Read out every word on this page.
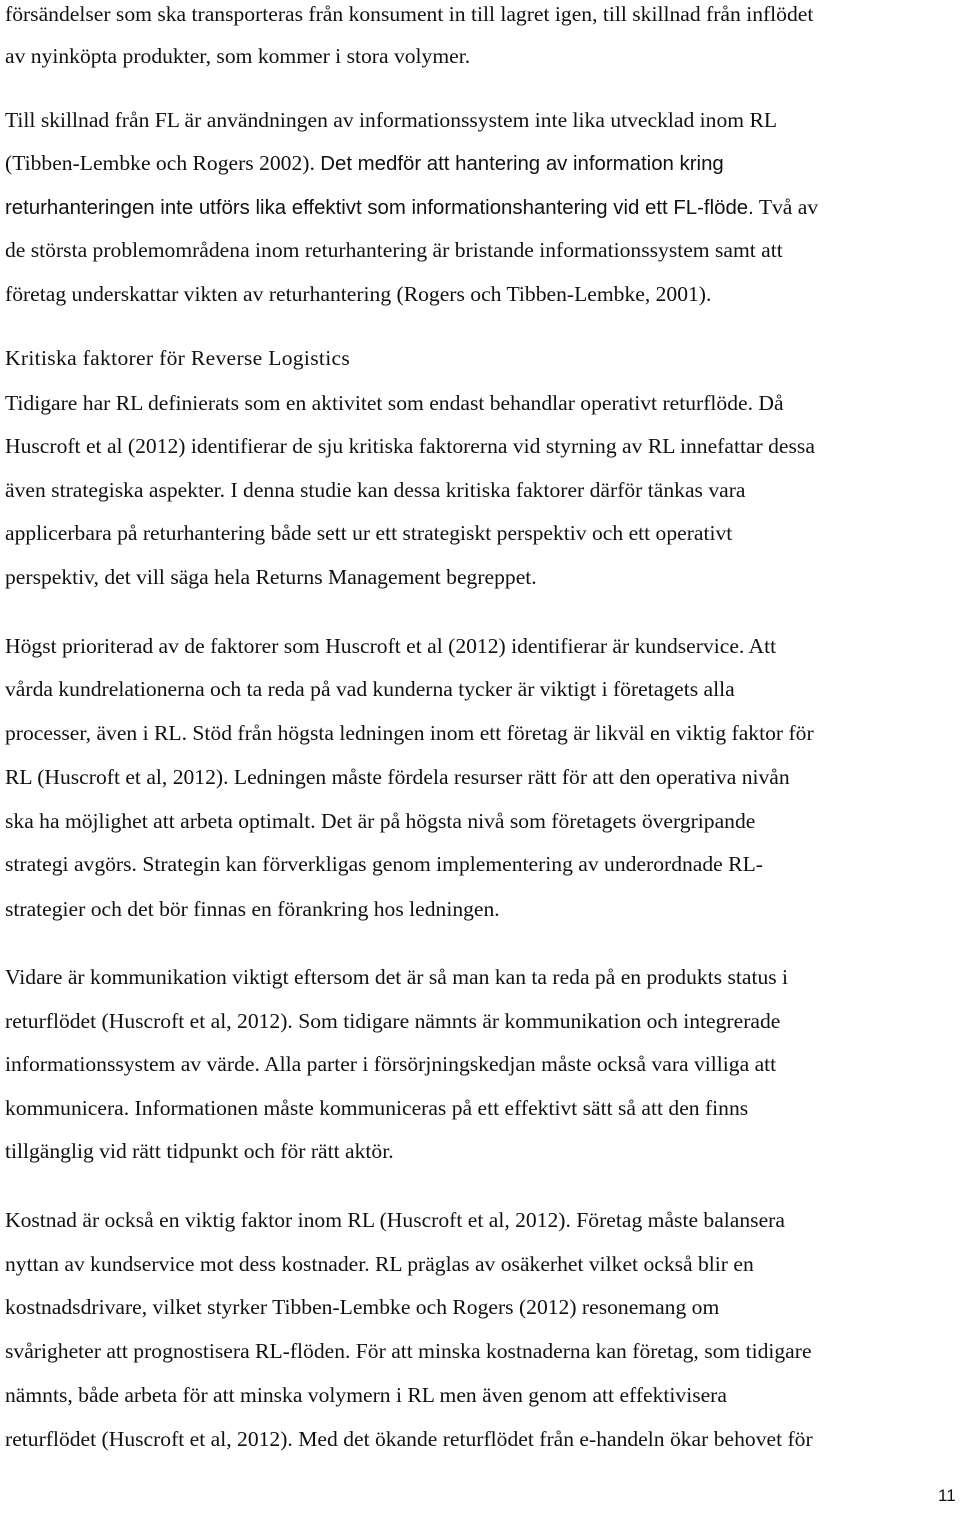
försändelser som ska transporteras från konsument in till lagret igen, till skillnad från inflödet
av nyinköpta produkter, som kommer i stora volymer.
Till skillnad från FL är användningen av informationssystem inte lika utvecklad inom RL
(Tibben-Lembke och Rogers 2002). Det medför att hantering av information kring
returhanteringen inte utförs lika effektivt som informationshantering vid ett FL-flöde. Två av
de största problemområdena inom returhantering är bristande informationssystem samt att
företag underskattar vikten av returhantering (Rogers och Tibben-Lembke, 2001).
Kritiska faktorer för Reverse Logistics
Tidigare har RL definierats som en aktivitet som endast behandlar operativt returflöde. Då
Huscroft et al (2012) identifierar de sju kritiska faktorerna vid styrning av RL innefattar dessa
även strategiska aspekter. I denna studie kan dessa kritiska faktorer därför tänkas vara
applicerbara på returhantering både sett ur ett strategiskt perspektiv och ett operativt
perspektiv, det vill säga hela Returns Management begreppet.
Högst prioriterad av de faktorer som Huscroft et al (2012) identifierar är kundservice. Att
vårda kundrelationerna och ta reda på vad kunderna tycker är viktigt i företagets alla
processer, även i RL. Stöd från högsta ledningen inom ett företag är likväl en viktig faktor för
RL (Huscroft et al, 2012). Ledningen måste fördela resurser rätt för att den operativa nivån
ska ha möjlighet att arbeta optimalt. Det är på högsta nivå som företagets övergripande
strategi avgörs. Strategin kan förverkligas genom implementering av underordnade RL-
strategier och det bör finnas en förankring hos ledningen.
Vidare är kommunikation viktigt eftersom det är så man kan ta reda på en produkts status i
returflödet (Huscroft et al, 2012). Som tidigare nämnts är kommunikation och integrerade
informationssystem av värde. Alla parter i försörjningskedjan måste också vara villiga att
kommunicera. Informationen måste kommuniceras på ett effektivt sätt så att den finns
tillgänglig vid rätt tidpunkt och för rätt aktör.
Kostnad är också en viktig faktor inom RL (Huscroft et al, 2012). Företag måste balansera
nyttan av kundservice mot dess kostnader. RL präglas av osäkerhet vilket också blir en
kostnadsdrivare, vilket styrker Tibben-Lembke och Rogers (2012) resonemang om
svårigheter att prognostisera RL-flöden. För att minska kostnaderna kan företag, som tidigare
nämnts, både arbeta för att minska volymern i RL men även genom att effektivisera
returflödet (Huscroft et al, 2012). Med det ökande returflödet från e-handeln ökar behovet för
11
